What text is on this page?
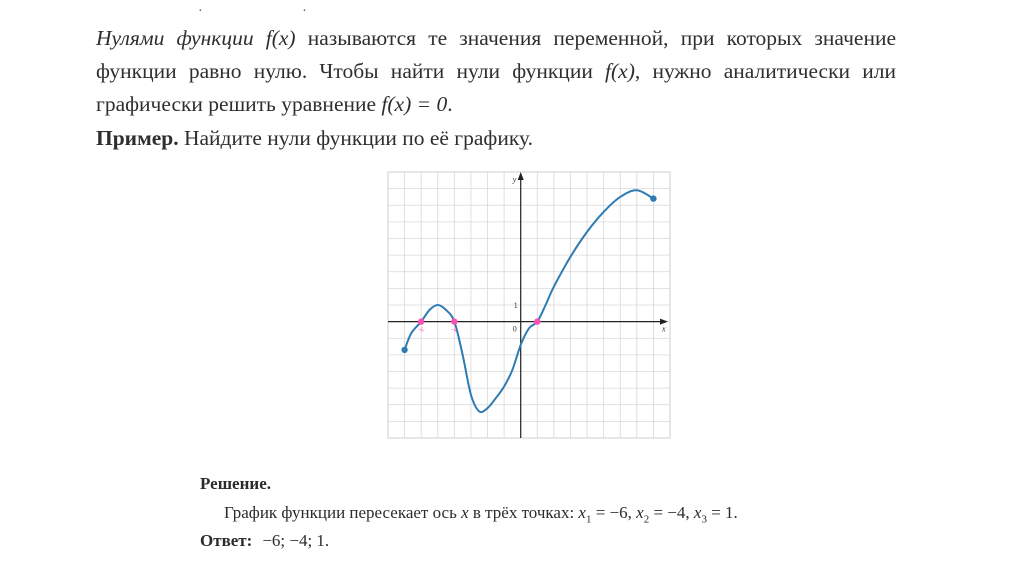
· ·
Нулями функции f(x) называются те значения переменной, при которых значение функции равно нулю. Чтобы найти нули функции f(x), нужно аналитически или графически решить уравнение f(x) = 0.
Пример. Найдите нули функции по её графику.
x
y
0
1
-6	-4
Решение.
График функции пересекает ось x в трёх точках: $x_1 = -6$, $x_2 = -4$, $x_3 = 1$.
Ответ: −6; −4; 1.
